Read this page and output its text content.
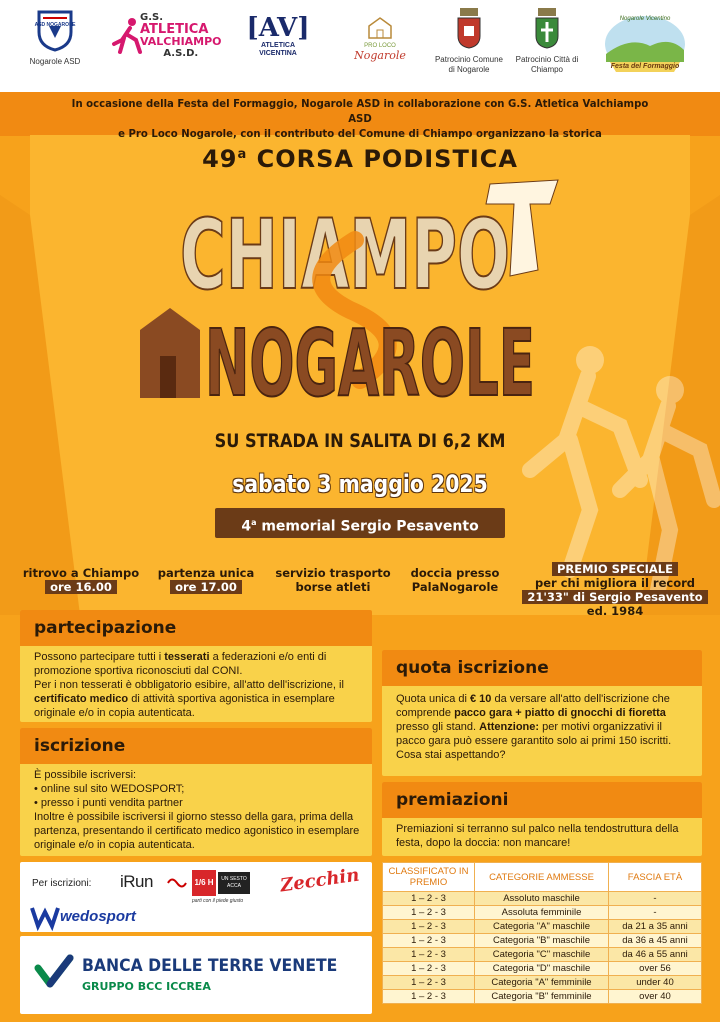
ASD NOGAROLE
Nogarole ASD
G.S.
ATLETICA
VALCHIAMPO
A.S.D.
[AV]
ATLETICA
VICENTINA
PRO LOCO
Nogarole	Patrocinio Comune di Nogarole
Patrocinio Città di Chiampo
Nogarole Vicentino
Festa del Formaggio
In occasione della Festa del Formaggio, Nogarole ASD in collaborazione con G.S. Atletica Valchiampo ASD
e Pro Loco Nogarole, con il contributo del Comune di Chiampo organizzano la storica
49$^a$ CORSA PODISTICA
CHIAMPO
NOGAROLE
SU STRADA IN SALITA DI 6,2 KM
sabato 3 maggio 2025
4$^a$ memorial Sergio Pesavento
ritrovo a Chiampo
ore 16.00
partenza unica
ore 17.00
servizio trasporto
borse atleti
doccia presso
PalaNogarole
PREMIO SPECIALE
per chi migliora il record
21'33" di Sergio Pesavento
ed. 1984
partecipazione

Possono partecipare tutti i tesserati a federazioni e/o enti di promozione sportiva riconosciuti dal CONI.

Per i non tesserati è obbligatorio esibire, all'atto dell'iscrizione, il certificato medico di attività sportiva agonistica in esemplare originale e/o in copia autenticata.

iscrizione

È possibile iscriversi:

• online sul sito WEDOSPORT;

• presso i punti vendita partner

Inoltre è possibile iscriversi il giorno stesso della gara, prima della partenza, presentando il certificato medico agonistico in esemplare originale e/o in copia autenticata.

quota iscrizione

Quota unica di € 10 da versare all'atto dell'iscrizione che comprende pacco gara + piatto di gnocchi di fioretta presso gli stand. Attenzione: per motivi organizzativi il pacco gara può essere garantito solo ai primi 150 iscritti. Cosa stai aspettando?

premiazioni
Premiazioni si terranno sul palco nella tendostruttura della festa, dopo la doccia: non mancare!
Per iscrizioni: iRun	1/6 H	UN SESTO ACCA
parti con il piede giusto
Zecchin
wedosport
BANCA DELLE TERRE VENETE
GRUPPO BCC ICCREA
CLASSIFICATO IN PREMIO	CATEGORIE AMMESSE	FASCIA ETÀ
1 – 2 - 3	Assoluto maschile	-
1 – 2 - 3	Assoluta femminile	-
1 – 2 - 3	Categoria "A" maschile	da 21 a 35 anni
1 – 2 - 3	Categoria "B" maschile	da 36 a 45 anni
1 – 2 - 3	Categoria "C" maschile	da 46 a 55 anni
1 – 2 - 3	Categoria "D" maschile	over 56
1 – 2 - 3	Categoria "A" femminile	under 40
1 – 2 - 3	Categoria "B" femminile	over 40
